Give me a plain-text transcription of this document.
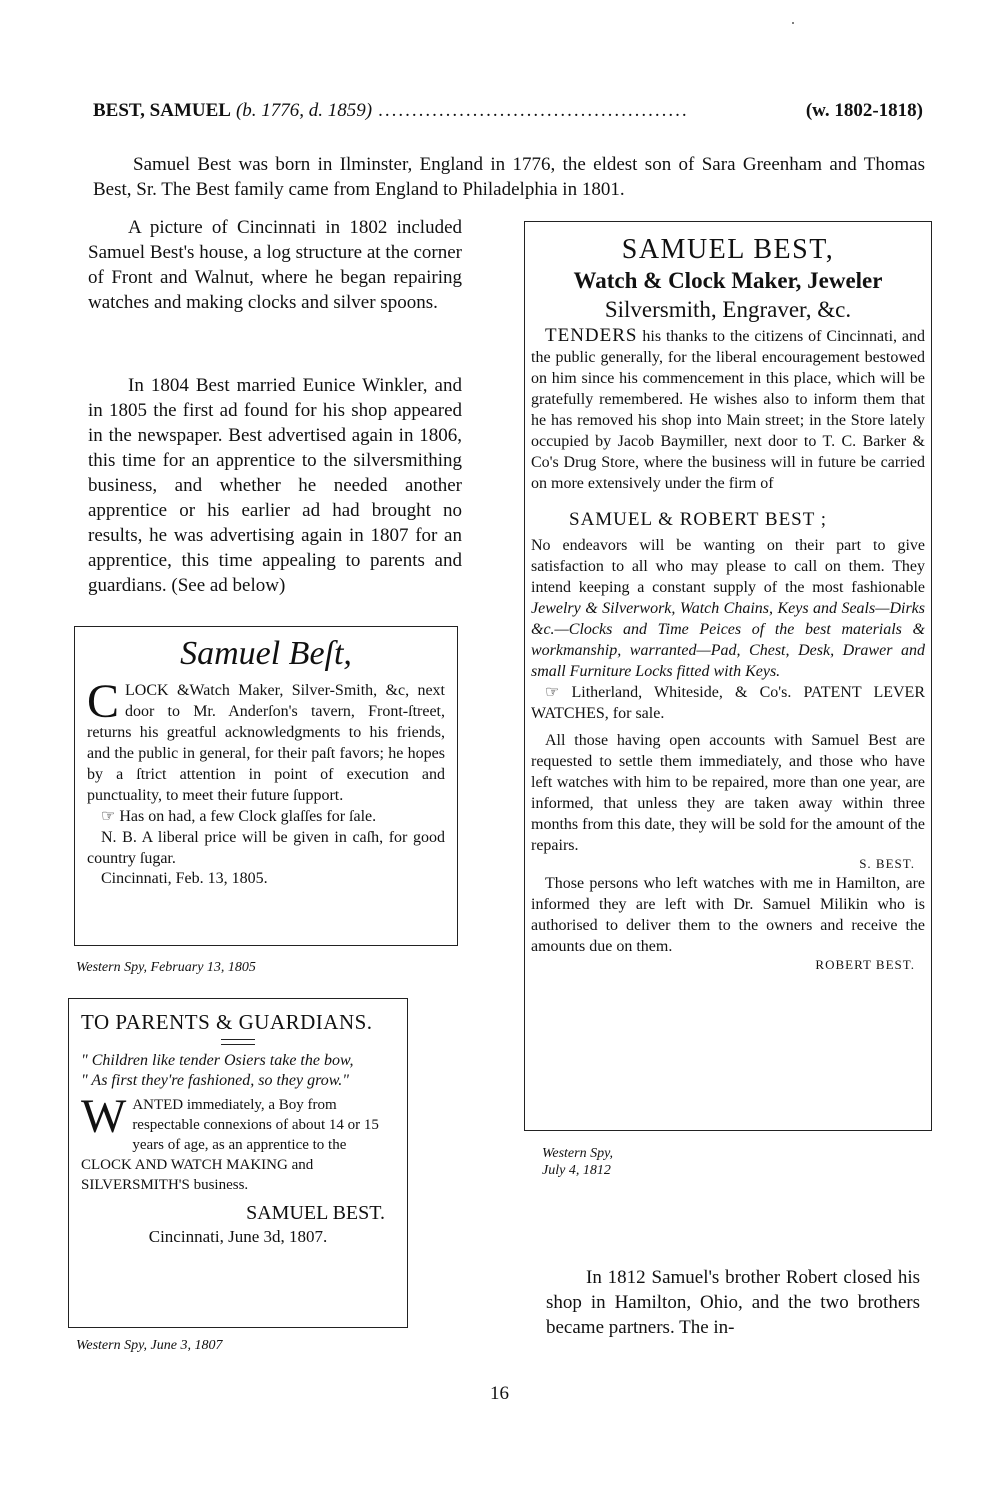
BEST, SAMUEL (b. 1776, d. 1859) ..............................................	(w. 1802-1818)

Samuel Best was born in Ilminster, England in 1776, the eldest son of Sara Greenham and Thomas Best, Sr. The Best family came from England to Philadelphia in 1801.

A picture of Cincinnati in 1802 included Samuel Best's house, a log structure at the corner of Front and Walnut, where he began repairing watches and making clocks and silver spoons.

In 1804 Best married Eunice Winkler, and in 1805 the first ad found for his shop appeared in the newspaper. Best advertised again in 1806, this time for an apprentice to the silversmithing business, and whether he needed another apprentice or his earlier ad had brought no results, he was advertising again in 1807 for an apprentice, this time appealing to parents and guardians. (See ad below)

Samuel Beſt,

CLOCK &Watch Maker, Silver-Smith, &c, next door to Mr. Anderſon's tavern, Front-ſtreet, returns his greatful acknowledgments to his friends, and the public in general, for their paſt favors; he hopes by a ſtrict attention in point of execution and punctuality, to meet their future ſupport.

☞ Has on had, a few Clock glaſſes for ſale.

N. B. A liberal price will be given in caſh, for good country ſugar.

Cincinnati, Feb. 13, 1805.

Western Spy, February 13, 1805

TO PARENTS & GUARDIANS.

" Children like tender Osiers take the bow,

" As first they're fashioned, so they grow."

WANTED immediately, a Boy from respectable connexions of about 14 or 15 years of age, as an apprentice to the CLOCK AND WATCH MAKING and SILVERSMITH'S business.

SAMUEL BEST.

Cincinnati, June 3d, 1807.

Western Spy, June 3, 1807

SAMUEL BEST,

Watch & Clock Maker, Jeweler

Silversmith, Engraver, &c.

TENDERS his thanks to the citizens of Cincinnati, and the public generally, for the liberal encouragement bestowed on him since his commencement in this place, which will be gratefully remembered. He wishes also to inform them that he has removed his shop into Main street; in the Store lately occupied by Jacob Baymiller, next door to T. C. Barker & Co's Drug Store, where the business will in future be carried on more extensively under the firm of

SAMUEL & ROBERT BEST ;

No endeavors will be wanting on their part to give satisfaction to all who may please to call on them. They intend keeping a constant supply of the most fashionable Jewelry & Silverwork, Watch Chains, Keys and Seals—Dirks &c.—Clocks and Time Peices of the best materials & workmanship, warranted—Pad, Chest, Desk, Drawer and small Furniture Locks fitted with Keys.

☞ Litherland, Whiteside, & Co's. PATENT LEVER WATCHES, for sale.

All those having open accounts with Samuel Best are requested to settle them immediately, and those who have left watches with him to be repaired, more than one year, are informed, that unless they are taken away within three months from this date, they will be sold for the amount of the repairs.

S. BEST.

Those persons who left watches with me in Hamilton, are informed they are left with Dr. Samuel Milikin who is authorised to deliver them to the owners and receive the amounts due on them.

ROBERT BEST.

Western Spy,

July 4, 1812

In 1812 Samuel's brother Robert closed his shop in Hamilton, Ohio, and the two brothers became partners. The in-

16
